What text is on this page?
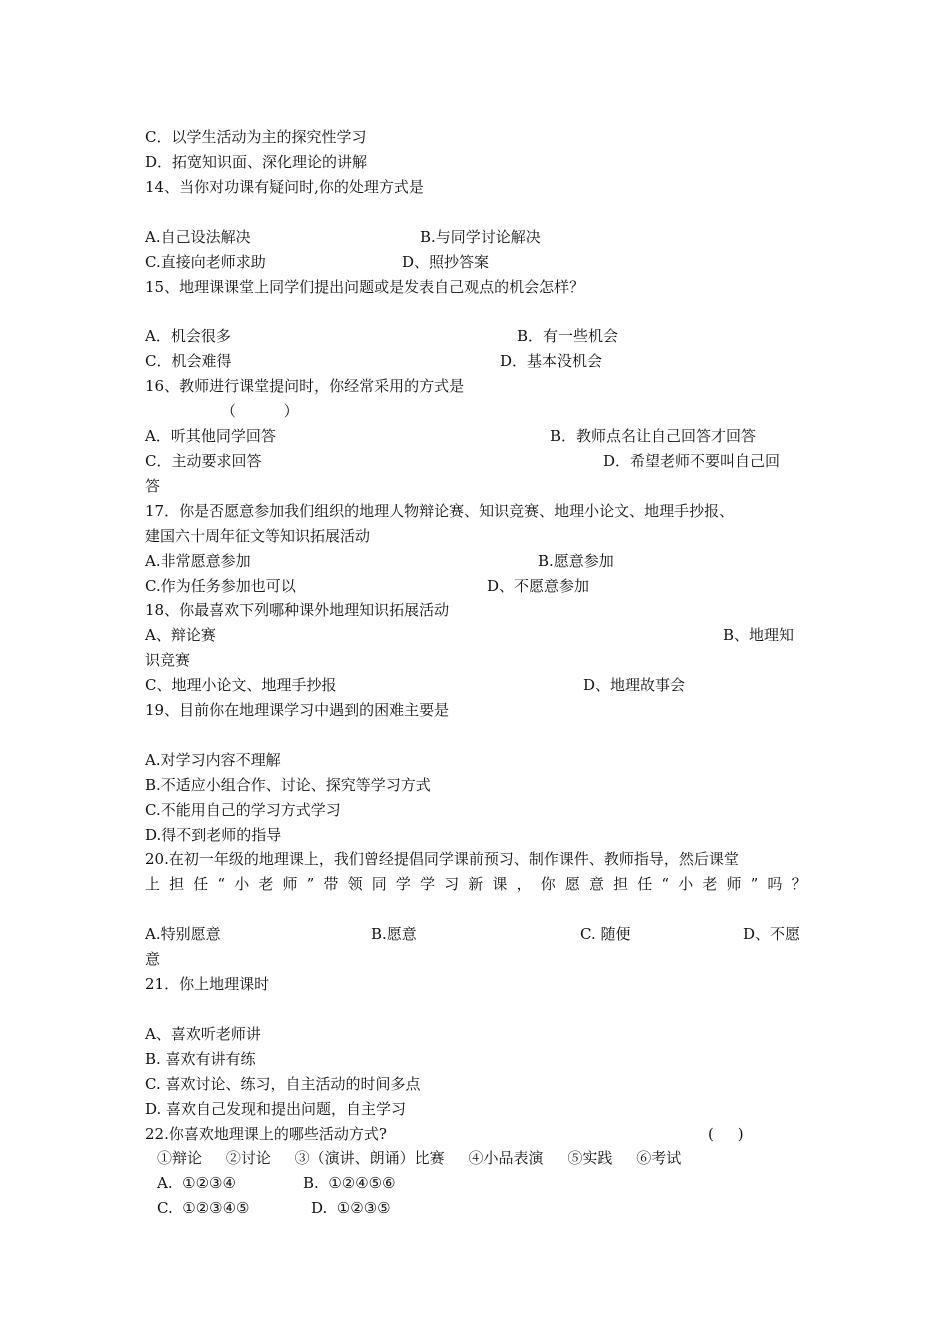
C．以学生活动为主的探究性学习
D．拓宽知识面、深化理论的讲解
14、当你对功课有疑问时,你的处理方式是
A.自己设法解决	B.与同学讨论解决
C.直接向老师求助	D、照抄答案
15、地理课课堂上同学们提出问题或是发表自己观点的机会怎样？
A．机会很多	B．有一些机会
C．机会难得	D．基本没机会
16、教师进行课堂提问时，你经常采用的方式是
（          ）
A．听其他同学回答	B．教师点名让自己回答才回答
C．主动要求回答	D．希望老师不要叫自己回
答
17．你是否愿意参加我们组织的地理人物辩论赛、知识竞赛、地理小论文、地理手抄报、
建国六十周年征文等知识拓展活动
A.非常愿意参加	B.愿意参加
C.作为任务参加也可以	D、不愿意参加
18、你最喜欢下列哪种课外地理知识拓展活动
A、辩论赛	B、地理知
识竞赛
C、地理小论文、地理手抄报	D、地理故事会
19、目前你在地理课学习中遇到的困难主要是
A.对学习内容不理解
B.不适应小组合作、讨论、探究等学习方式
C.不能用自己的学习方式学习
D.得不到老师的指导
20.在初一年级的地理课上，我们曾经提倡同学课前预习、制作课件、教师指导，然后课堂
上 担 任 “ 小 老 师 ” 带 领 同 学 学 习 新 课 ， 你 愿 意 担 任 “ 小 老 师 ” 吗 ？
A.特别愿意	B.愿意	C. 随便	D、不愿
意
21．你上地理课时
A、喜欢听老师讲
B. 喜欢有讲有练
C. 喜欢讨论、练习，自主活动的时间多点
D. 喜欢自己发现和提出问题，自主学习
22.你喜欢地理课上的哪些活动方式?	(     )
①辩论     ②讨论     ③（演讲、朗诵）比赛     ④小品表演     ⑤实践     ⑥考试
A.  ①②③④	B.  ①②④⑤⑥
C.  ①②③④⑤	D.  ①②③⑤
